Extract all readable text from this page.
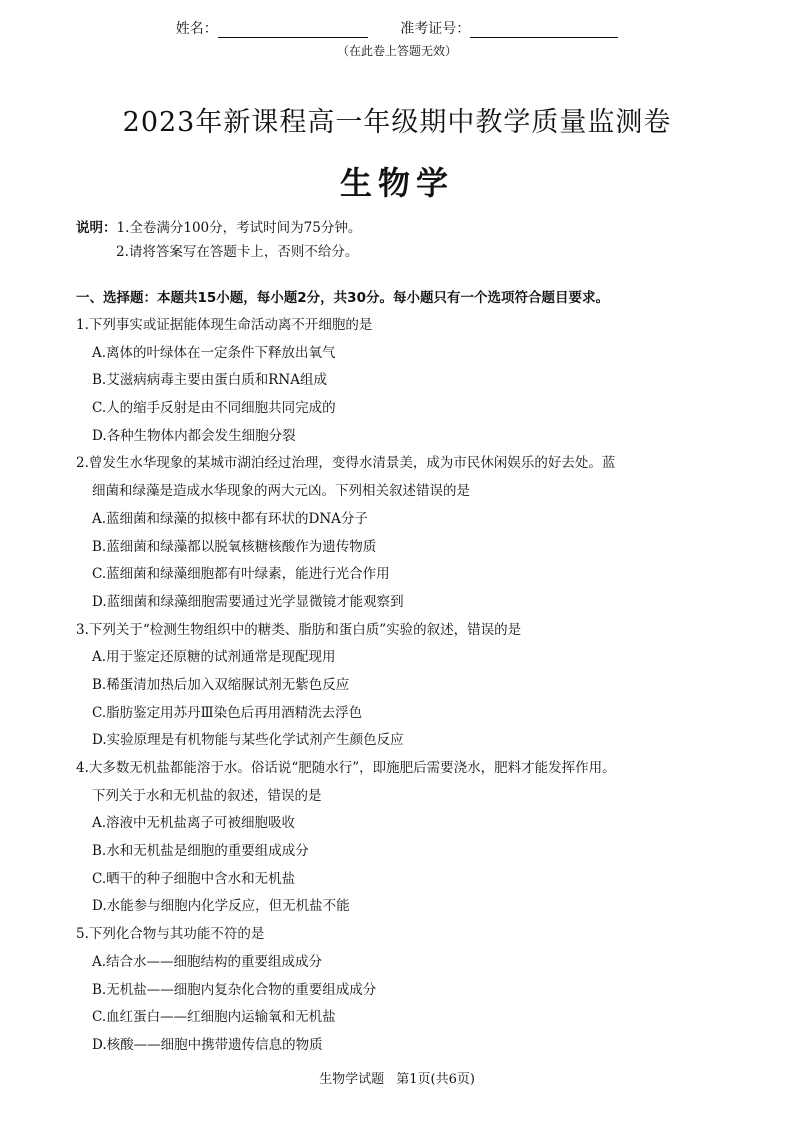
姓名：	准考证号：
（在此卷上答题无效）
2023年新课程高一年级期中教学质量监测卷
生物学
说明：1.全卷满分100分，考试时间为75分钟。
2.请将答案写在答题卡上，否则不给分。
一、选择题：本题共15小题，每小题2分，共30分。每小题只有一个选项符合题目要求。
1.下列事实或证据能体现生命活动离不开细胞的是
A.离体的叶绿体在一定条件下释放出氧气
B.艾滋病病毒主要由蛋白质和RNA组成
C.人的缩手反射是由不同细胞共同完成的
D.各种生物体内都会发生细胞分裂
2.曾发生水华现象的某城市湖泊经过治理，变得水清景美，成为市民休闲娱乐的好去处。蓝
细菌和绿藻是造成水华现象的两大元凶。下列相关叙述错误的是
A.蓝细菌和绿藻的拟核中都有环状的DNA分子
B.蓝细菌和绿藻都以脱氧核糖核酸作为遗传物质
C.蓝细菌和绿藻细胞都有叶绿素，能进行光合作用
D.蓝细菌和绿藻细胞需要通过光学显微镜才能观察到
3.下列关于“检测生物组织中的糖类、脂肪和蛋白质”实验的叙述，错误的是
A.用于鉴定还原糖的试剂通常是现配现用
B.稀蛋清加热后加入双缩脲试剂无紫色反应
C.脂肪鉴定用苏丹Ⅲ染色后再用酒精洗去浮色
D.实验原理是有机物能与某些化学试剂产生颜色反应
4.大多数无机盐都能溶于水。俗话说“肥随水行”，即施肥后需要浇水，肥料才能发挥作用。
下列关于水和无机盐的叙述，错误的是
A.溶液中无机盐离子可被细胞吸收
B.水和无机盐是细胞的重要组成成分
C.晒干的种子细胞中含水和无机盐
D.水能参与细胞内化学反应，但无机盐不能
5.下列化合物与其功能不符的是
A.结合水——细胞结构的重要组成成分
B.无机盐——细胞内复杂化合物的重要组成成分
C.血红蛋白——红细胞内运输氧和无机盐
D.核酸——细胞中携带遗传信息的物质
生物学试题 第1页(共6页)
